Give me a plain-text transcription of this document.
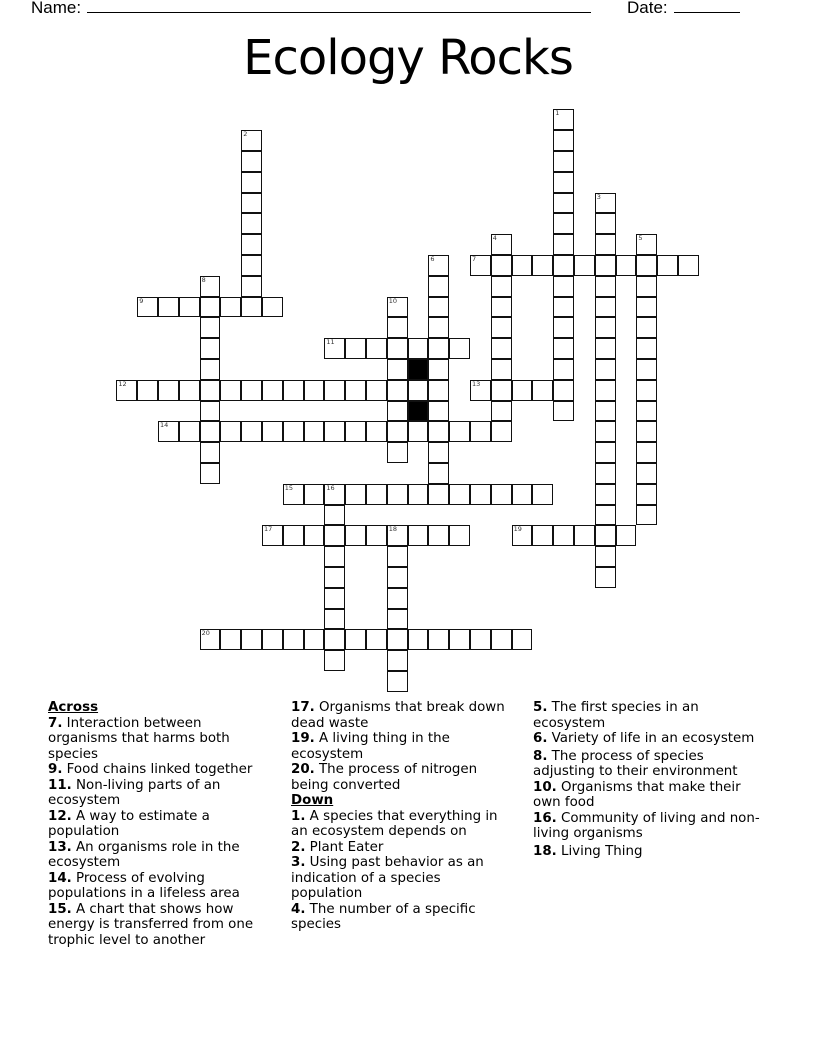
Name:	Date:
Ecology Rocks
7
9
11
12	13
14
15	16
17	18	19
20
1
2
3
4	5
6
8
10
Across
7. Interaction between organisms that harms both species
9. Food chains linked together
11. Non-living parts of an ecosystem
12. A way to estimate a population
13. An organisms role in the ecosystem
14. Process of evolving populations in a lifeless area
15. A chart that shows how energy is transferred from one trophic level to another
17. Organisms that break down dead waste
19. A living thing in the ecosystem
20. The process of nitrogen being converted
Down
1. A species that everything in an ecosystem depends on
2. Plant Eater
3. Using past behavior as an indication of a species population
4. The number of a specific species
5. The first species in an ecosystem
6. Variety of life in an ecosystem
8. The process of species adjusting to their environment
10. Organisms that make their own food
16. Community of living and non-living organisms
18. Living Thing
